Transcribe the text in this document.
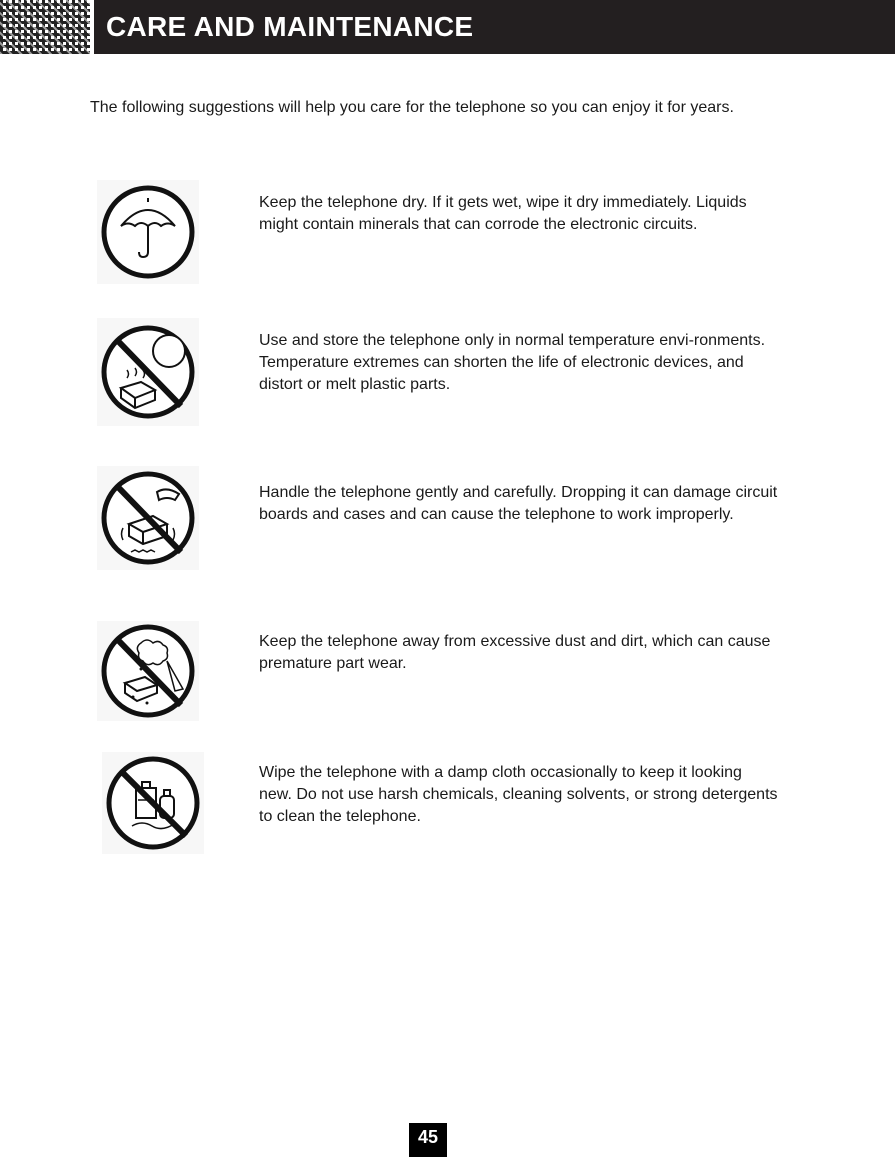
CARE AND MAINTENANCE

The following suggestions will help you care for the telephone so you can enjoy it for years.

Keep the telephone dry. If it gets wet, wipe it dry immediately. Liquids might contain minerals that can corrode the electronic circuits.

Use and store the telephone only in normal temperature envi-ronments. Temperature extremes can shorten the life of electronic devices, and distort or melt plastic parts.

Handle the telephone gently and carefully. Dropping it can damage circuit boards and cases and can cause the telephone to work improperly.

Keep the telephone away from excessive dust and dirt, which can cause premature part wear.

Wipe the telephone with a damp cloth occasionally to keep it looking new. Do not use harsh chemicals, cleaning solvents, or strong detergents to clean the telephone.

45
